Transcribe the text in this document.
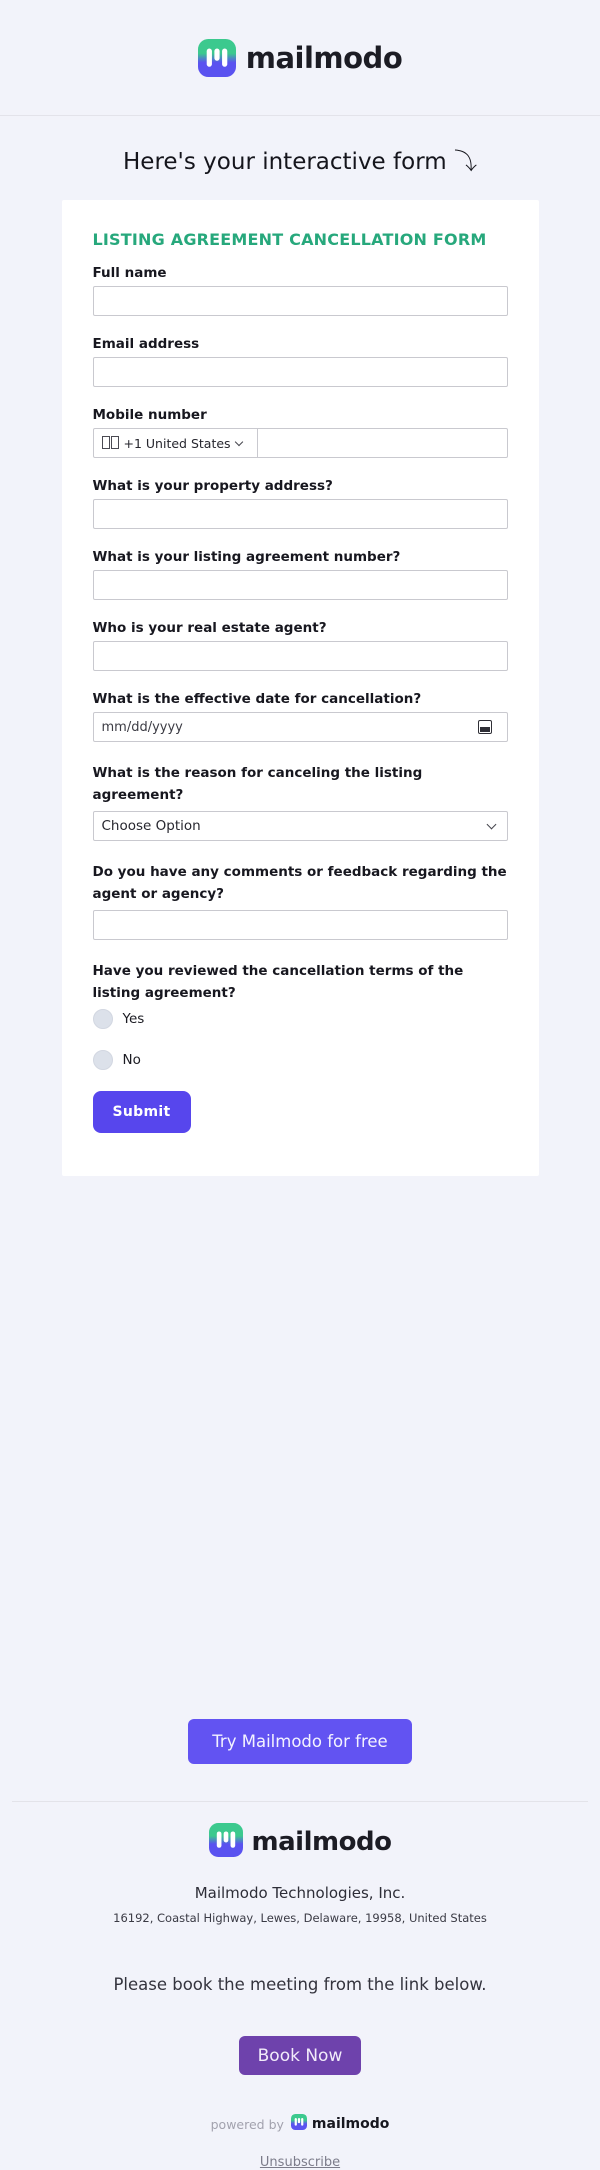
mailmodo
Here's your interactive form ⤵
LISTING AGREEMENT CANCELLATION FORM
Full name
Email address
Mobile number
+1 United States
What is your property address?
What is your listing agreement number?
Who is your real estate agent?
What is the effective date for cancellation?
mm/dd/yyyy
What is the reason for canceling the listing agreement?
Choose Option
Do you have any comments or feedback regarding the agent or agency?
Have you reviewed the cancellation terms of the listing agreement?
Yes
No
Submit
Try Mailmodo for free
mailmodo
Mailmodo Technologies, Inc.
16192, Coastal Highway, Lewes, Delaware, 19958, United States
Please book the meeting from the link below.
Book Now
powered by mailmodo
Unsubscribe
